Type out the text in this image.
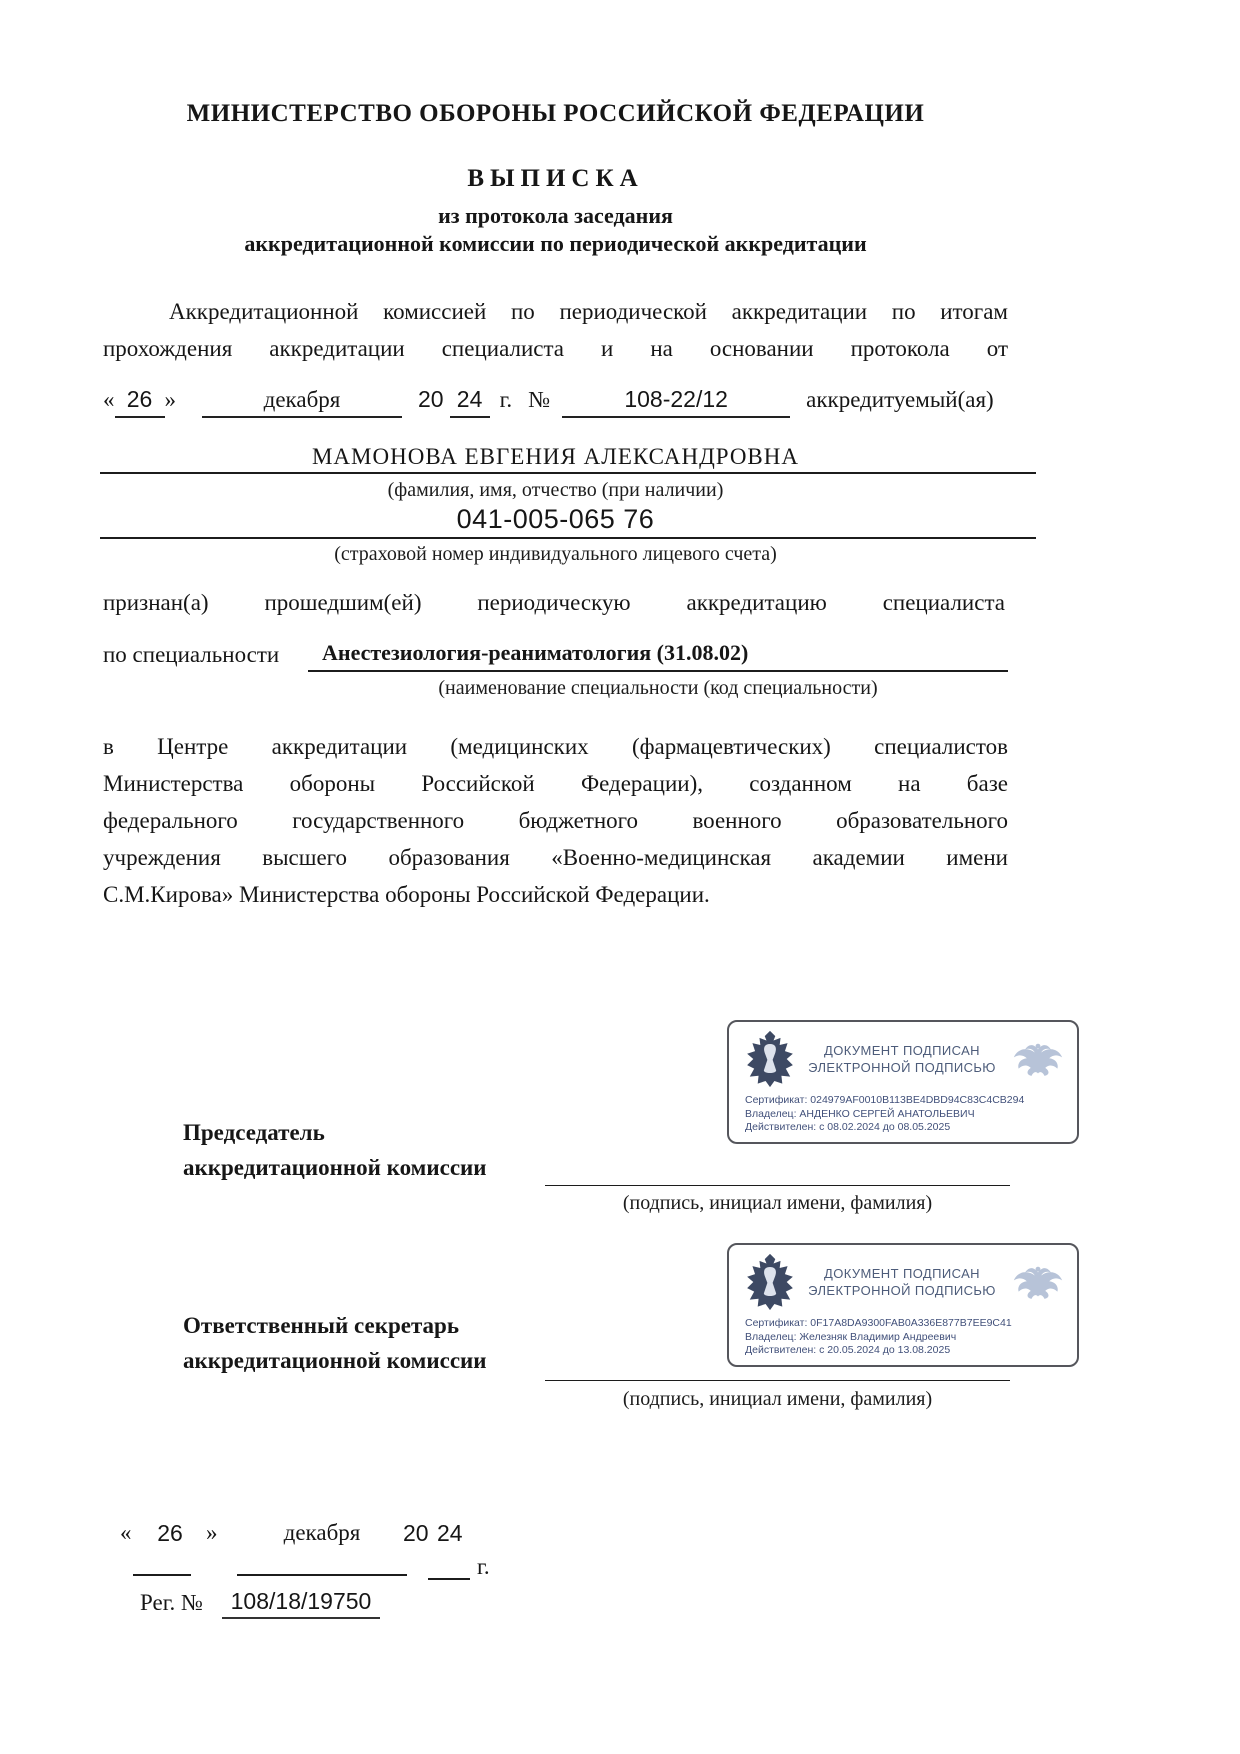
МИНИСТЕРСТВО ОБОРОНЫ РОССИЙСКОЙ ФЕДЕРАЦИИ
ВЫПИСКА
из протокола заседания
аккредитационной комиссии по периодической аккредитации
Аккредитационной комиссией по периодической аккредитации по итогам
прохождения аккредитации специалиста и на основании протокола от
« 26 »	декабря	20 24 г. №	108-22/12	аккредитуемый(ая)
МАМОНОВА ЕВГЕНИЯ АЛЕКСАНДРОВНА
(фамилия, имя, отчество (при наличии)
041-005-065 76
(страховой номер индивидуального лицевого счета)
признан(а) прошедшим(ей) периодическую аккредитацию специалиста
по специальности Анестезиология-реаниматология (31.08.02)
(наименование специальности (код специальности)
в Центре аккредитации (медицинских (фармацевтических) специалистов
Министерства обороны Российской Федерации), созданном на базе
федерального государственного бюджетного военного образовательного
учреждения высшего образования «Военно-медицинская академии имени
С.М.Кирова» Министерства обороны Российской Федерации.
ДОКУМЕНТ ПОДПИСАН
ЭЛЕКТРОННОЙ ПОДПИСЬЮ
Сертификат: 024979AF0010B113BE4DBD94C83C4CB294
Владелец: АНДЕНКО СЕРГЕЙ АНАТОЛЬЕВИЧ
Действителен: с 08.02.2024 до 08.05.2025
Председатель
аккредитационной комиссии
(подпись, инициал имени, фамилия)
ДОКУМЕНТ ПОДПИСАН
ЭЛЕКТРОННОЙ ПОДПИСЬЮ
Сертификат: 0F17A8DA9300FAB0A336E877B7EE9C41
Владелец: Железняк Владимир Андреевич
Действителен: с 20.05.2024 до 13.08.2025
Ответственный секретарь
аккредитационной комиссии
(подпись, инициал имени, фамилия)
«	26	»	декабря	20 24
г.
Рег. №	108/18/19750
